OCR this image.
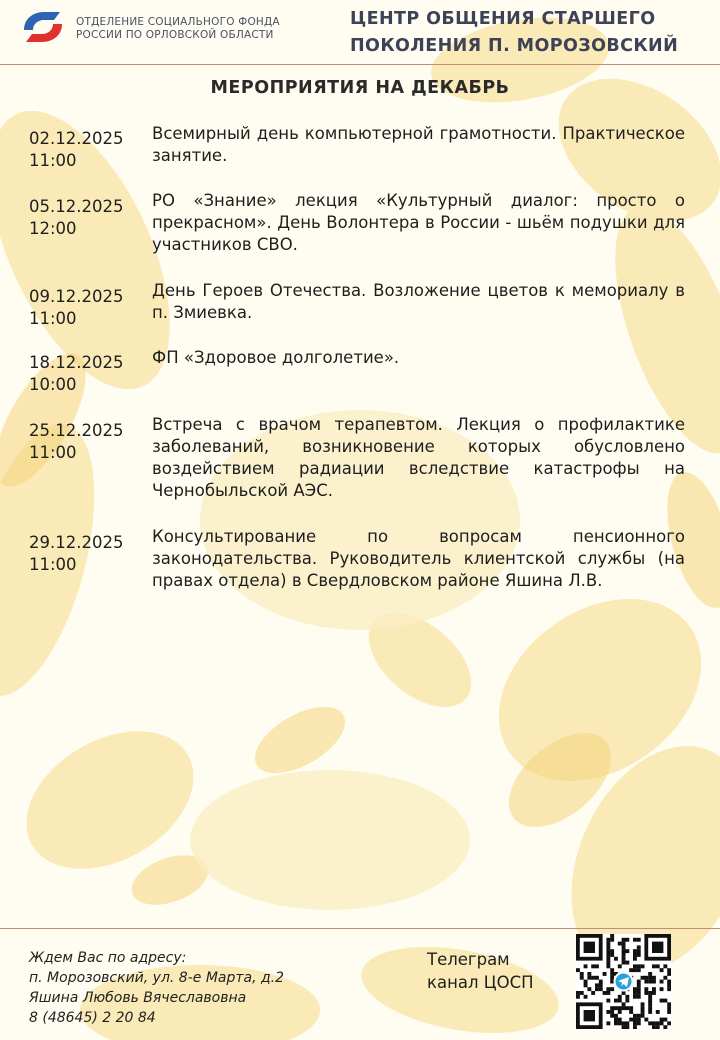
ОТДЕЛЕНИЕ СОЦИАЛЬНОГО ФОНДА
РОССИИ ПО ОРЛОВСКОЙ ОБЛАСТИ
ЦЕНТР ОБЩЕНИЯ СТАРШЕГО
ПОКОЛЕНИЯ П. МОРОЗОВСКИЙ
МЕРОПРИЯТИЯ НА ДЕКАБРЬ
02.12.2025
11:00
Всемирный день компьютерной грамотности. Практическое занятие.
05.12.2025
12:00
РО «Знание» лекция «Культурный диалог: просто о прекрасном». День Волонтера в России - шьём подушки для участников СВО.
09.12.2025
11:00
День Героев Отечества. Возложение цветов к мемориалу в п. Змиевка.
18.12.2025
10:00
ФП «Здоровое долголетие».
25.12.2025
11:00
Встреча с врачом терапевтом. Лекция о профилактике заболеваний, возникновение которых обусловлено воздействием радиации вследствие катастрофы на Чернобыльской АЭС.
29.12.2025
11:00
Консультирование по вопросам пенсионного законодательства. Руководитель клиентской службы (на правах отдела) в Свердловском районе Яшина Л.В.
Ждем Вас по адресу:
п. Морозовский, ул. 8-е Марта, д.2
Яшина Любовь Вячеславовна
8 (48645) 2 20 84
Телеграм
канал ЦОСП
